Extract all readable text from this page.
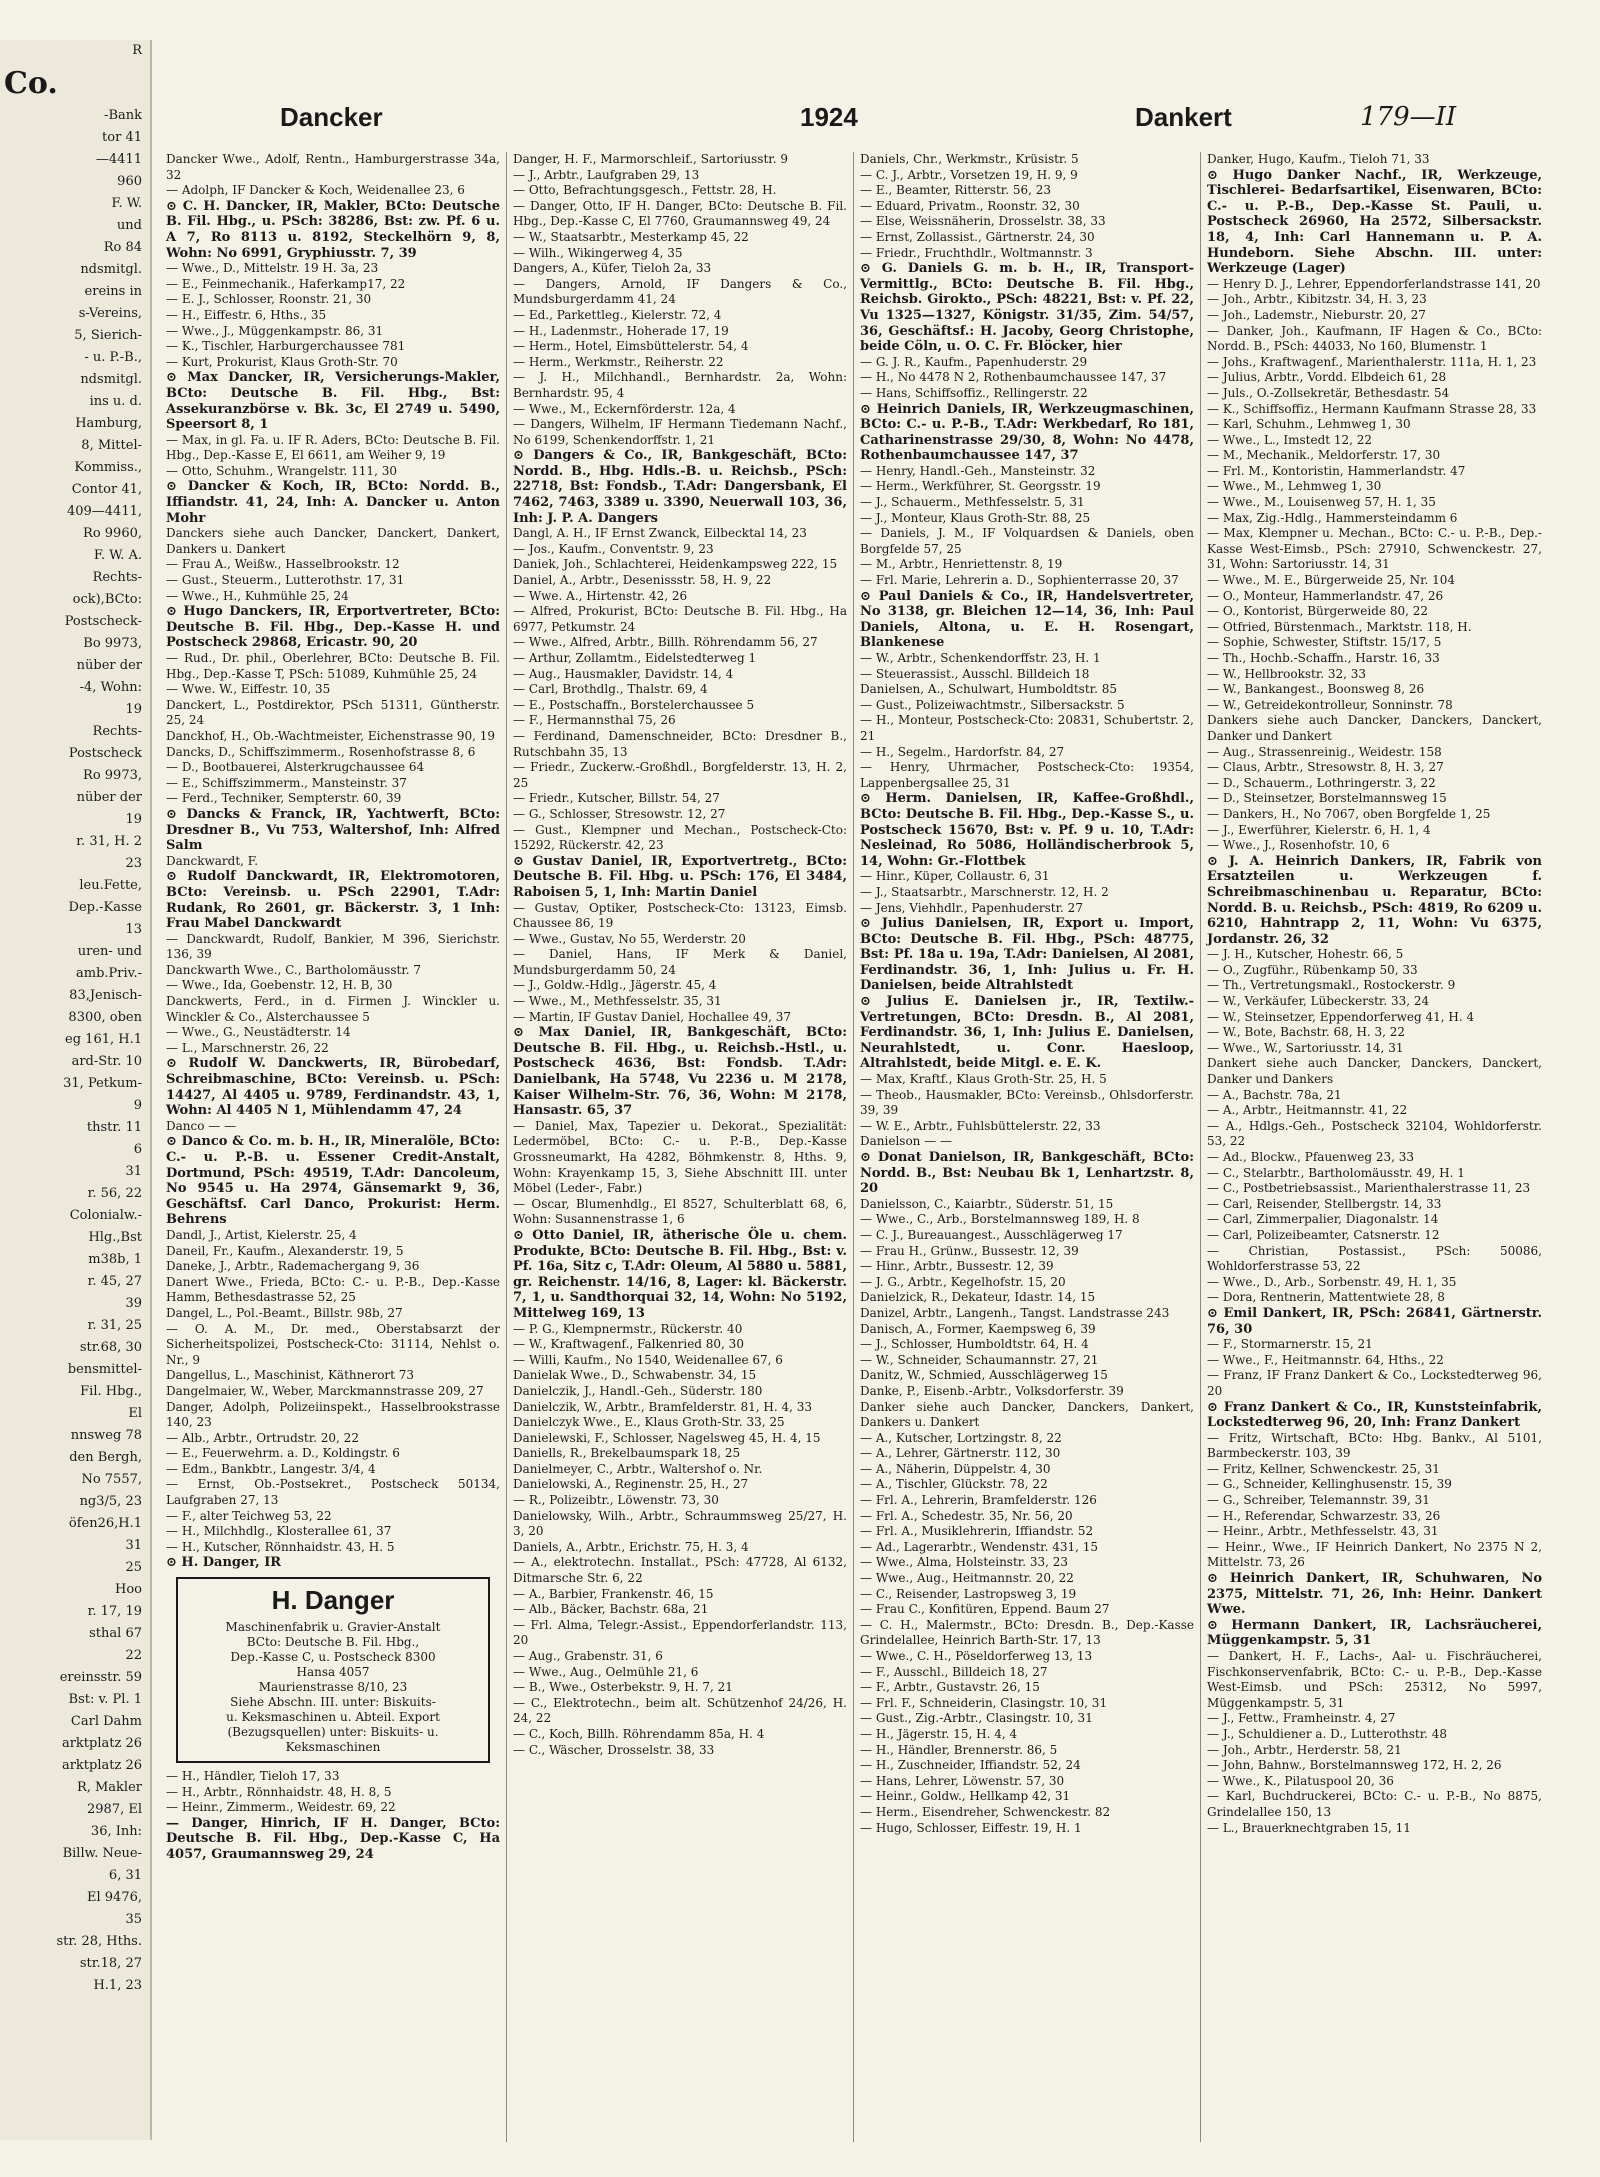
R
Co.
-Bank
tor 41
—4411
960
F. W.
und
Ro 84
ndsmitgl.
ereins in
s-Vereins,
5, Sierich-
- u. P.-B.,
ndsmitgl.
ins u. d.
Hamburg,
8, Mittel-
Kommiss.,
Contor 41,
409—4411,
Ro 9960,
F. W. A.
Rechts-
ock),BCto:
Postscheck-
Bo 9973,
nüber der
-4, Wohn:
19
Rechts-
Postscheck
Ro 9973,
nüber der
19
r. 31, H. 2
23
leu.Fette,
Dep.-Kasse
13
uren- und
amb.Priv.-
83,Jenisch-
8300, oben
eg 161, H.1
ard-Str. 10
31, Petkum-
9
thstr. 11
6
31
r. 56, 22
Colonialw.-
Hlg.,Bst
m38b, 1
r. 45, 27
39
r. 31, 25
str.68, 30
bensmittel-
Fil. Hbg.,
El
nnsweg 78
den Bergh,
No 7557,
ng3/5, 23
öfen26,H.1
31
25
Hoo
r. 17, 19
sthal 67
22
ereinsstr. 59
Bst: v. Pl. 1
Carl Dahm
arktplatz 26
arktplatz 26
R, Makler
2987, El
36, Inh:
Billw. Neue-
6, 31
El 9476,
35
str. 28, Hths.
str.18, 27
H.1, 23
Dancker	1924	Dankert	179—II

Dancker Wwe., Adolf, Rentn., Hamburgerstrasse 34a, 32

— Adolph, IF Dancker & Koch, Weidenallee 23, 6

⊙ C. H. Dancker, IR, Makler, BCto: Deutsche B. Fil. Hbg., u. PSch: 38286, Bst: zw. Pf. 6 u. A 7, Ro 8113 u. 8192, Steckelhörn 9, 8, Wohn: No 6991, Gryphiusstr. 7, 39

— Wwe., D., Mittelstr. 19 H. 3a, 23

— E., Feinmechanik., Haferkamp17, 22

— E. J., Schlosser, Roonstr. 21, 30

— H., Eiffestr. 6, Hths., 35

— Wwe., J., Müggenkampstr. 86, 31

— K., Tischler, Harburgerchaussee 781

— Kurt, Prokurist, Klaus Groth-Str. 70

⊙ Max Dancker, IR, Versicherungs-Makler, BCto: Deutsche B. Fil. Hbg., Bst: Assekuranzbörse v. Bk. 3c, El 2749 u. 5490, Speersort 8, 1

— Max, in gl. Fa. u. IF R. Aders, BCto: Deutsche B. Fil. Hbg., Dep.-Kasse E, El 6611, am Weiher 9, 19

— Otto, Schuhm., Wrangelstr. 111, 30

⊙ Dancker & Koch, IR, BCto: Nordd. B., Iffiandstr. 41, 24, Inh: A. Dancker u. Anton Mohr

Danckers siehe auch Dancker, Danckert, Dankert, Dankers u. Dankert

— Frau A., Weißw., Hasselbrookstr. 12

— Gust., Steuerm., Lutterothstr. 17, 31

— Wwe., H., Kuhmühle 25, 24

⊙ Hugo Danckers, IR, Erportvertreter, BCto: Deutsche B. Fil. Hbg., Dep.-Kasse H. und Postscheck 29868, Ericastr. 90, 20

— Rud., Dr. phil., Oberlehrer, BCto: Deutsche B. Fil. Hbg., Dep.-Kasse T, PSch: 51089, Kuhmühle 25, 24

— Wwe. W., Eiffestr. 10, 35

Danckert, L., Postdirektor, PSch 51311, Güntherstr. 25, 24

Danckhof, H., Ob.-Wachtmeister, Eichenstrasse 90, 19

Dancks, D., Schiffszimmerm., Rosenhofstrasse 8, 6

— D., Bootbauerei, Alsterkrugchaussee 64

— E., Schiffszimmerm., Mansteinstr. 37

— Ferd., Techniker, Sempterstr. 60, 39

⊙ Dancks & Franck, IR, Yachtwerft, BCto: Dresdner B., Vu 753, Waltershof, Inh: Alfred Salm

Danckwardt, F.

⊙ Rudolf Danckwardt, IR, Elektromotoren, BCto: Vereinsb. u. PSch 22901, T.Adr: Rudank, Ro 2601, gr. Bäckerstr. 3, 1 Inh: Frau Mabel Danckwardt

— Danckwardt, Rudolf, Bankier, M 396, Sierichstr. 136, 39

Danckwarth Wwe., C., Bartholomäusstr. 7

— Wwe., Ida, Goebenstr. 12, H. B, 30

Danckwerts, Ferd., in d. Firmen J. Winckler u. Winckler & Co., Alsterchaussee 5

— Wwe., G., Neustädterstr. 14

— L., Marschnerstr. 26, 22

⊙ Rudolf W. Danckwerts, IR, Bürobedarf, Schreibmaschine, BCto: Vereinsb. u. PSch: 14427, Al 4405 u. 9789, Ferdinandstr. 43, 1, Wohn: Al 4405 N 1, Mühlendamm 47, 24

Danco — —

⊙ Danco & Co. m. b. H., IR, Mineralöle, BCto: C.- u. P.-B. u. Essener Credit-Anstalt, Dortmund, PSch: 49519, T.Adr: Dancoleum, No 9545 u. Ha 2974, Gänsemarkt 9, 36, Geschäftsf. Carl Danco, Prokurist: Herm. Behrens

Dandl, J., Artist, Kielerstr. 25, 4

Daneil, Fr., Kaufm., Alexanderstr. 19, 5

Daneke, J., Arbtr., Rademachergang 9, 36

Danert Wwe., Frieda, BCto: C.- u. P.-B., Dep.-Kasse Hamm, Bethesdastrasse 52, 25

Dangel, L., Pol.-Beamt., Billstr. 98b, 27

— O. A. M., Dr. med., Oberstabsarzt der Sicherheitspolizei, Postscheck-Cto: 31114, Nehlst o. Nr., 9

Dangellus, L., Maschinist, Käthnerort 73

Dangelmaier, W., Weber, Marckmannstrasse 209, 27

Danger, Adolph, Polizeiinspekt., Hasselbrookstrasse 140, 23

— Alb., Arbtr., Ortrudstr. 20, 22

— E., Feuerwehrm. a. D., Koldingstr. 6

— Edm., Bankbtr., Langestr. 3/4, 4

— Ernst, Ob.-Postsekret., Postscheck 50134, Laufgraben 27, 13

— F., alter Teichweg 53, 22

— H., Milchhdlg., Klosterallee 61, 37

— H., Kutscher, Rönnhaidstr. 43, H. 5

⊙ H. Danger, IR

H. Danger
Maschinenfabrik u. Gravier-Anstalt
BCto: Deutsche B. Fil. Hbg.,
Dep.-Kasse C, u. Postscheck 8300
Hansa 4057
Maurienstrasse 8/10, 23
Siehe Abschn. III. unter: Biskuits-
u. Keksmaschinen u. Abteil. Export
(Bezugsquellen) unter: Biskuits- u.
Keksmaschinen

— H., Händler, Tieloh 17, 33

— H., Arbtr., Rönnhaidstr. 48, H. 8, 5

— Heinr., Zimmerm., Weidestr. 69, 22

— Danger, Hinrich, IF H. Danger, BCto: Deutsche B. Fil. Hbg., Dep.-Kasse C, Ha 4057, Graumannsweg 29, 24

Danger, H. F., Marmorschleif., Sartoriusstr. 9

— J., Arbtr., Laufgraben 29, 13

— Otto, Befrachtungsgesch., Fettstr. 28, H.

— Danger, Otto, IF H. Danger, BCto: Deutsche B. Fil. Hbg., Dep.-Kasse C, El 7760, Graumannsweg 49, 24

— W., Staatsarbtr., Mesterkamp 45, 22

— Wilh., Wikingerweg 4, 35

Dangers, A., Küfer, Tieloh 2a, 33

— Dangers, Arnold, IF Dangers & Co., Mundsburgerdamm 41, 24

— Ed., Parkettleg., Kielerstr. 72, 4

— H., Ladenmstr., Hoherade 17, 19

— Herm., Hotel, Eimsbüttelerstr. 54, 4

— Herm., Werkmstr., Reiherstr. 22

— J. H., Milchhandl., Bernhardstr. 2a, Wohn: Bernhardstr. 95, 4

— Wwe., M., Eckernförderstr. 12a, 4

— Dangers, Wilhelm, IF Hermann Tiedemann Nachf., No 6199, Schenkendorffstr. 1, 21

⊙ Dangers & Co., IR, Bankgeschäft, BCto: Nordd. B., Hbg. Hdls.-B. u. Reichsb., PSch: 22718, Bst: Fondsb., T.Adr: Dangersbank, El 7462, 7463, 3389 u. 3390, Neuerwall 103, 36, Inh: J. P. A. Dangers

Dangl, A. H., IF Ernst Zwanck, Eilbecktal 14, 23

— Jos., Kaufm., Conventstr. 9, 23

Daniek, Joh., Schlachterei, Heidenkampsweg 222, 15

Daniel, A., Arbtr., Desenissstr. 58, H. 9, 22

— Wwe. A., Hirtenstr. 42, 26

— Alfred, Prokurist, BCto: Deutsche B. Fil. Hbg., Ha 6977, Petkumstr. 24

— Wwe., Alfred, Arbtr., Billh. Röhrendamm 56, 27

— Arthur, Zollamtm., Eidelstedterweg 1

— Aug., Hausmakler, Davidstr. 14, 4

— Carl, Brothdlg., Thalstr. 69, 4

— E., Postschaffn., Borstelerchaussee 5

— F., Hermannsthal 75, 26

— Ferdinand, Damenschneider, BCto: Dresdner B., Rutschbahn 35, 13

— Friedr., Zuckerw.-Großhdl., Borgfelderstr. 13, H. 2, 25

— Friedr., Kutscher, Billstr. 54, 27

— G., Schlosser, Stresowstr. 12, 27

— Gust., Klempner und Mechan., Postscheck-Cto: 15292, Rückerstr. 42, 23

⊙ Gustav Daniel, IR, Exportvertretg., BCto: Deutsche B. Fil. Hbg. u. PSch: 176, El 3484, Raboisen 5, 1, Inh: Martin Daniel

— Gustav, Optiker, Postscheck-Cto: 13123, Eimsb. Chaussee 86, 19

— Wwe., Gustav, No 55, Werderstr. 20

— Daniel, Hans, IF Merk & Daniel, Mundsburgerdamm 50, 24

— J., Goldw.-Hdlg., Jägerstr. 45, 4

— Wwe., M., Methfesselstr. 35, 31

— Martin, IF Gustav Daniel, Hochallee 49, 37

⊙ Max Daniel, IR, Bankgeschäft, BCto: Deutsche B. Fil. Hbg., u. Reichsb.-Hstl., u. Postscheck 4636, Bst: Fondsb. T.Adr: Danielbank, Ha 5748, Vu 2236 u. M 2178, Kaiser Wilhelm-Str. 76, 36, Wohn: M 2178, Hansastr. 65, 37

— Daniel, Max, Tapezier u. Dekorat., Spezialität: Ledermöbel, BCto: C.- u. P.-B., Dep.-Kasse Grossneumarkt, Ha 4282, Böhmkenstr. 8, Hths. 9, Wohn: Krayenkamp 15, 3, Siehe Abschnitt III. unter Möbel (Leder-, Fabr.)

— Oscar, Blumenhdlg., El 8527, Schulterblatt 68, 6, Wohn: Susannenstrasse 1, 6

⊙ Otto Daniel, IR, ätherische Öle u. chem. Produkte, BCto: Deutsche B. Fil. Hbg., Bst: v. Pf. 16a, Sitz c, T.Adr: Oleum, Al 5880 u. 5881, gr. Reichenstr. 14/16, 8, Lager: kl. Bäckerstr. 7, 1, u. Sandthorquai 32, 14, Wohn: No 5192, Mittelweg 169, 13

— P. G., Klempnermstr., Rückerstr. 40

— W., Kraftwagenf., Falkenried 80, 30

— Willi, Kaufm., No 1540, Weidenallee 67, 6

Danielak Wwe., D., Schwabenstr. 34, 15

Danielczik, J., Handl.-Geh., Süderstr. 180

Danielczik, W., Arbtr., Bramfelderstr. 81, H. 4, 33

Danielczyk Wwe., E., Klaus Groth-Str. 33, 25

Danielewski, F., Schlosser, Nagelsweg 45, H. 4, 15

Daniells, R., Brekelbaumspark 18, 25

Danielmeyer, C., Arbtr., Waltershof o. Nr.

Danielowski, A., Reginenstr. 25, H., 27

— R., Polizeibtr., Löwenstr. 73, 30

Danielowsky, Wilh., Arbtr., Schraummsweg 25/27, H. 3, 20

Daniels, A., Arbtr., Erichstr. 75, H. 3, 4

— A., elektrotechn. Installat., PSch: 47728, Al 6132, Ditmarsche Str. 6, 22

— A., Barbier, Frankenstr. 46, 15

— Alb., Bäcker, Bachstr. 68a, 21

— Frl. Alma, Telegr.-Assist., Eppendorferlandstr. 113, 20

— Aug., Grabenstr. 31, 6

— Wwe., Aug., Oelmühle 21, 6

— B., Wwe., Osterbekstr. 9, H. 7, 21

— C., Elektrotechn., beim alt. Schützenhof 24/26, H. 24, 22

— C., Koch, Billh. Röhrendamm 85a, H. 4

— C., Wäscher, Drosselstr. 38, 33

Daniels, Chr., Werkmstr., Krüsistr. 5

— C. J., Arbtr., Vorsetzen 19, H. 9, 9

— E., Beamter, Ritterstr. 56, 23

— Eduard, Privatm., Roonstr. 32, 30

— Else, Weissnäherin, Drosselstr. 38, 33

— Ernst, Zollassist., Gärtnerstr. 24, 30

— Friedr., Fruchthdlr., Woltmannstr. 3

⊙ G. Daniels G. m. b. H., IR, Transport-Vermittlg., BCto: Deutsche B. Fil. Hbg., Reichsb. Girokto., PSch: 48221, Bst: v. Pf. 22, Vu 1325—1327, Königstr. 31/35, Zim. 54/57, 36, Geschäftsf.: H. Jacoby, Georg Christophe, beide Cöln, u. O. C. Fr. Blöcker, hier

— G. J. R., Kaufm., Papenhuderstr. 29

— H., No 4478 N 2, Rothenbaumchaussee 147, 37

— Hans, Schiffsoffiz., Rellingerstr. 22

⊙ Heinrich Daniels, IR, Werkzeugmaschinen, BCto: C.- u. P.-B., T.Adr: Werkbedarf, Ro 181, Catharinenstrasse 29/30, 8, Wohn: No 4478, Rothenbaumchaussee 147, 37

— Henry, Handl.-Geh., Mansteinstr. 32

— Herm., Werkführer, St. Georgsstr. 19

— J., Schauerm., Methfesselstr. 5, 31

— J., Monteur, Klaus Groth-Str. 88, 25

— Daniels, J. M., IF Volquardsen & Daniels, oben Borgfelde 57, 25

— M., Arbtr., Henriettenstr. 8, 19

— Frl. Marie, Lehrerin a. D., Sophienterrasse 20, 37

⊙ Paul Daniels & Co., IR, Handelsvertreter, No 3138, gr. Bleichen 12—14, 36, Inh: Paul Daniels, Altona, u. E. H. Rosengart, Blankenese

— W., Arbtr., Schenkendorffstr. 23, H. 1

— Steuerassist., Ausschl. Billdeich 18

Danielsen, A., Schulwart, Humboldtstr. 85

— Gust., Polizeiwachtmstr., Silbersackstr. 5

— H., Monteur, Postscheck-Cto: 20831, Schubertstr. 2, 21

— H., Segelm., Hardorfstr. 84, 27

— Henry, Uhrmacher, Postscheck-Cto: 19354, Lappenbergsallee 25, 31

⊙ Herm. Danielsen, IR, Kaffee-Großhdl., BCto: Deutsche B. Fil. Hbg., Dep.-Kasse S., u. Postscheck 15670, Bst: v. Pf. 9 u. 10, T.Adr: Nesleinad, Ro 5086, Holländischerbrook 5, 14, Wohn: Gr.-Flottbek

— Hinr., Küper, Collaustr. 6, 31

— J., Staatsarbtr., Marschnerstr. 12, H. 2

— Jens, Viehhdlr., Papenhuderstr. 27

⊙ Julius Danielsen, IR, Export u. Import, BCto: Deutsche B. Fil. Hbg., PSch: 48775, Bst: Pf. 18a u. 19a, T.Adr: Danielsen, Al 2081, Ferdinandstr. 36, 1, Inh: Julius u. Fr. H. Danielsen, beide Altrahlstedt

⊙ Julius E. Danielsen jr., IR, Textilw.-Vertretungen, BCto: Dresdn. B., Al 2081, Ferdinandstr. 36, 1, Inh: Julius E. Danielsen, Neurahlstedt, u. Conr. Haesloop, Altrahlstedt, beide Mitgl. e. E. K.

— Max, Kraftf., Klaus Groth-Str. 25, H. 5

— Theob., Hausmakler, BCto: Vereinsb., Ohlsdorferstr. 39, 39

— W. E., Arbtr., Fuhlsbüttelerstr. 22, 33

Danielson — —

⊙ Donat Danielson, IR, Bankgeschäft, BCto: Nordd. B., Bst: Neubau Bk 1, Lenhartzstr. 8, 20

Danielsson, C., Kaiarbtr., Süderstr. 51, 15

— Wwe., C., Arb., Borstelmannsweg 189, H. 8

— C. J., Bureauangest., Ausschlägerweg 17

— Frau H., Grünw., Bussestr. 12, 39

— Hinr., Arbtr., Bussestr. 12, 39

— J. G., Arbtr., Kegelhofstr. 15, 20

Danielzick, R., Dekateur, Idastr. 14, 15

Danizel, Arbtr., Langenh., Tangst. Landstrasse 243

Danisch, A., Former, Kaempsweg 6, 39

— J., Schlosser, Humboldtstr. 64, H. 4

— W., Schneider, Schaumannstr. 27, 21

Danitz, W., Schmied, Ausschlägerweg 15

Danke, P., Eisenb.-Arbtr., Volksdorferstr. 39

Danker siehe auch Dancker, Danckers, Dankert, Dankers u. Dankert

— A., Kutscher, Lortzingstr. 8, 22

— A., Lehrer, Gärtnerstr. 112, 30

— A., Näherin, Düppelstr. 4, 30

— A., Tischler, Glückstr. 78, 22

— Frl. A., Lehrerin, Bramfelderstr. 126

— Frl. A., Schedestr. 35, Nr. 56, 20

— Frl. A., Musiklehrerin, Iffiandstr. 52

— Ad., Lagerarbtr., Wendenstr. 431, 15

— Wwe., Alma, Holsteinstr. 33, 23

— Wwe., Aug., Heitmannstr. 20, 22

— C., Reisender, Lastropsweg 3, 19

— Frau C., Konfitüren, Eppend. Baum 27

— C. H., Malermstr., BCto: Dresdn. B., Dep.-Kasse Grindelallee, Heinrich Barth-Str. 17, 13

— Wwe., C. H., Pöseldorferweg 13, 13

— F., Ausschl., Billdeich 18, 27

— F., Arbtr., Gustavstr. 26, 15

— Frl. F., Schneiderin, Clasingstr. 10, 31

— Gust., Zig.-Arbtr., Clasingstr. 10, 31

— H., Jägerstr. 15, H. 4, 4

— H., Händler, Brennerstr. 86, 5

— H., Zuschneider, Iffiandstr. 52, 24

— Hans, Lehrer, Löwenstr. 57, 30

— Heinr., Goldw., Hellkamp 42, 31

— Herm., Eisendreher, Schwenckestr. 82

— Hugo, Schlosser, Eiffestr. 19, H. 1

Danker, Hugo, Kaufm., Tieloh 71, 33

⊙ Hugo Danker Nachf., IR, Werkzeuge, Tischlerei- Bedarfsartikel, Eisenwaren, BCto: C.- u. P.-B., Dep.-Kasse St. Pauli, u. Postscheck 26960, Ha 2572, Silbersackstr. 18, 4, Inh: Carl Hannemann u. P. A. Hundeborn. Siehe Abschn. III. unter: Werkzeuge (Lager)

— Henry D. J., Lehrer, Eppendorferlandstrasse 141, 20

— Joh., Arbtr., Kibitzstr. 34, H. 3, 23

— Joh., Lademstr., Nieburstr. 20, 27

— Danker, Joh., Kaufmann, IF Hagen & Co., BCto: Nordd. B., PSch: 44033, No 160, Blumenstr. 1

— Johs., Kraftwagenf., Marienthalerstr. 111a, H. 1, 23

— Julius, Arbtr., Vordd. Elbdeich 61, 28

— Juls., O.-Zollsekretär, Bethesdastr. 54

— K., Schiffsoffiz., Hermann Kaufmann Strasse 28, 33

— Karl, Schuhm., Lehmweg 1, 30

— Wwe., L., Imstedt 12, 22

— M., Mechanik., Meldorferstr. 17, 30

— Frl. M., Kontoristin, Hammerlandstr. 47

— Wwe., M., Lehmweg 1, 30

— Wwe., M., Louisenweg 57, H. 1, 35

— Max, Zig.-Hdlg., Hammersteindamm 6

— Max, Klempner u. Mechan., BCto: C.- u. P.-B., Dep.-Kasse West-Eimsb., PSch: 27910, Schwenckestr. 27, 31, Wohn: Sartoriusstr. 14, 31

— Wwe., M. E., Bürgerweide 25, Nr. 104

— O., Monteur, Hammerlandstr. 47, 26

— O., Kontorist, Bürgerweide 80, 22

— Otfried, Bürstenmach., Marktstr. 118, H.

— Sophie, Schwester, Stiftstr. 15/17, 5

— Th., Hochb.-Schaffn., Harstr. 16, 33

— W., Hellbrookstr. 32, 33

— W., Bankangest., Boonsweg 8, 26

— W., Getreidekontrolleur, Sonninstr. 78

Dankers siehe auch Dancker, Danckers, Danckert, Danker und Dankert

— Aug., Strassenreinig., Weidestr. 158

— Claus, Arbtr., Stresowstr. 8, H. 3, 27

— D., Schauerm., Lothringerstr. 3, 22

— D., Steinsetzer, Borstelmannsweg 15

— Dankers, H., No 7067, oben Borgfelde 1, 25

— J., Ewerführer, Kielerstr. 6, H. 1, 4

— Wwe., J., Rosenhofstr. 10, 6

⊙ J. A. Heinrich Dankers, IR, Fabrik von Ersatzteilen u. Werkzeugen f. Schreibmaschinenbau u. Reparatur, BCto: Nordd. B. u. Reichsb., PSch: 4819, Ro 6209 u. 6210, Hahntrapp 2, 11, Wohn: Vu 6375, Jordanstr. 26, 32

— J. H., Kutscher, Hohestr. 66, 5

— O., Zugführ., Rübenkamp 50, 33

— Th., Vertretungsmakl., Rostockerstr. 9

— W., Verkäufer, Lübeckerstr. 33, 24

— W., Steinsetzer, Eppendorferweg 41, H. 4

— W., Bote, Bachstr. 68, H. 3, 22

— Wwe., W., Sartoriusstr. 14, 31

Dankert siehe auch Dancker, Danckers, Danckert, Danker und Dankers

— A., Bachstr. 78a, 21

— A., Arbtr., Heitmannstr. 41, 22

— A., Hdlgs.-Geh., Postscheck 32104, Wohldorferstr. 53, 22

— Ad., Blockw., Pfauenweg 23, 33

— C., Stelarbtr., Bartholomäusstr. 49, H. 1

— C., Postbetriebsassist., Marienthalerstrasse 11, 23

— Carl, Reisender, Stellbergstr. 14, 33

— Carl, Zimmerpalier, Diagonalstr. 14

— Carl, Polizeibeamter, Catsnerstr. 12

— Christian, Postassist., PSch: 50086, Wohldorferstrasse 53, 22

— Wwe., D., Arb., Sorbenstr. 49, H. 1, 35

— Dora, Rentnerin, Mattentwiete 28, 8

⊙ Emil Dankert, IR, PSch: 26841, Gärtnerstr. 76, 30

— F., Stormarnerstr. 15, 21

— Wwe., F., Heitmannstr. 64, Hths., 22

— Franz, IF Franz Dankert & Co., Lockstedterweg 96, 20

⊙ Franz Dankert & Co., IR, Kunststeinfabrik, Lockstedterweg 96, 20, Inh: Franz Dankert

— Fritz, Wirtschaft, BCto: Hbg. Bankv., Al 5101, Barmbeckerstr. 103, 39

— Fritz, Kellner, Schwenckestr. 25, 31

— G., Schneider, Kellinghusenstr. 15, 39

— G., Schreiber, Telemannstr. 39, 31

— H., Referendar, Schwarzestr. 33, 26

— Heinr., Arbtr., Methfesselstr. 43, 31

— Heinr., Wwe., IF Heinrich Dankert, No 2375 N 2, Mittelstr. 73, 26

⊙ Heinrich Dankert, IR, Schuhwaren, No 2375, Mittelstr. 71, 26, Inh: Heinr. Dankert Wwe.

⊙ Hermann Dankert, IR, Lachsräucherei, Müggenkampstr. 5, 31

— Dankert, H. F., Lachs-, Aal- u. Fischräucherei, Fischkonservenfabrik, BCto: C.- u. P.-B., Dep.-Kasse West-Eimsb. und PSch: 25312, No 5997, Müggenkampstr. 5, 31

— J., Fettw., Framheinstr. 4, 27

— J., Schuldiener a. D., Lutterothstr. 48

— Joh., Arbtr., Herderstr. 58, 21

— John, Bahnw., Borstelmannsweg 172, H. 2, 26

— Wwe., K., Pilatuspool 20, 36

— Karl, Buchdruckerei, BCto: C.- u. P.-B., No 8875, Grindelallee 150, 13

— L., Brauerknechtgraben 15, 11
